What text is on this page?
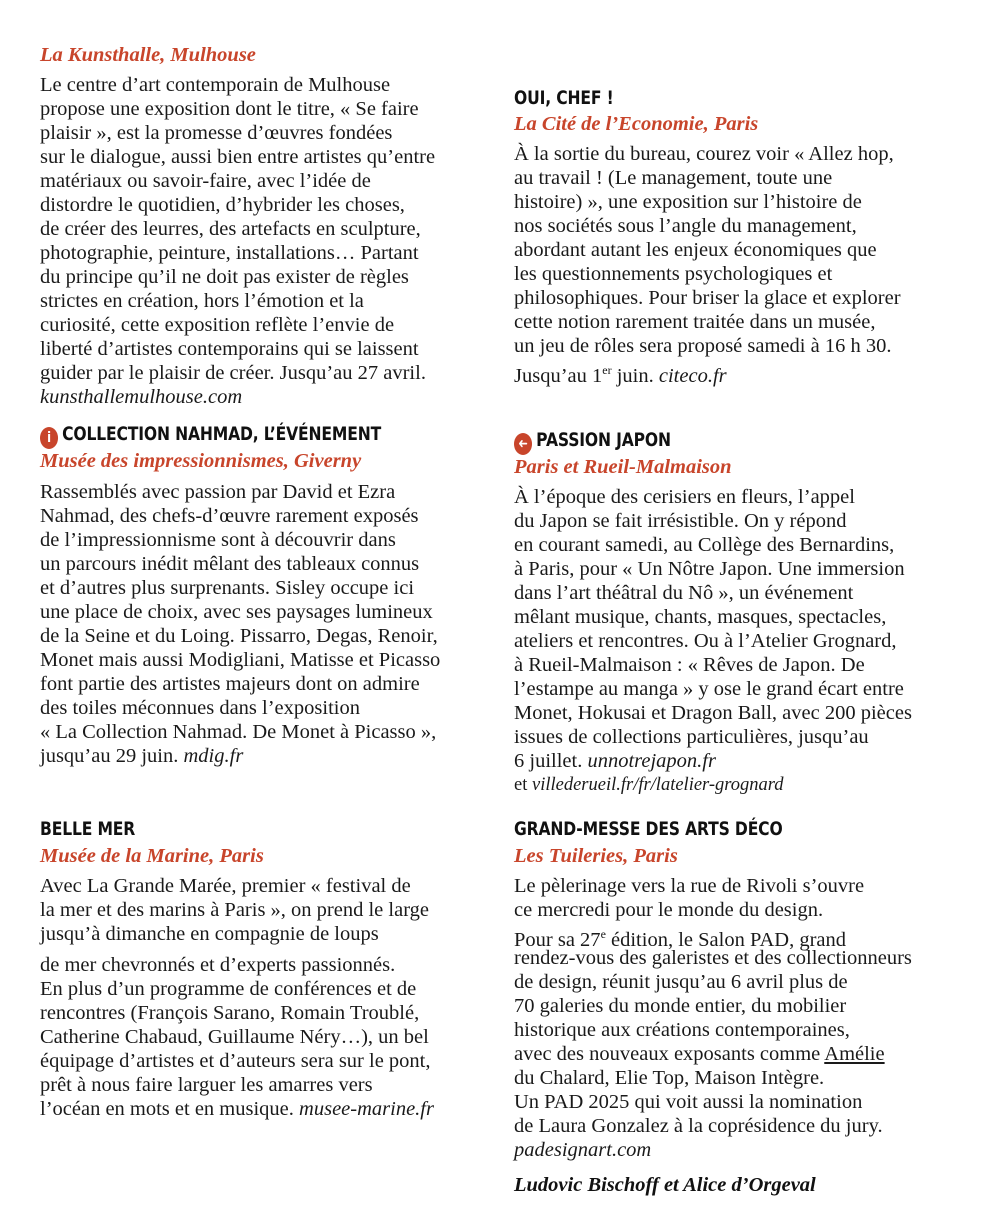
La Kunsthalle, Mulhouse
Le centre d’art contemporain de Mulhouse
propose une exposition dont le titre, « Se faire
plaisir », est la promesse d’œuvres fondées
sur le dialogue, aussi bien entre artistes qu’entre
matériaux ou savoir-faire, avec l’idée de
distordre le quotidien, d’hybrider les choses,
de créer des leurres, des artefacts en sculpture,
photographie, peinture, installations… Partant
du principe qu’il ne doit pas exister de règles
strictes en création, hors l’émotion et la
curiosité, cette exposition reflète l’envie de
liberté d’artistes contemporains qui se laissent
guider par le plaisir de créer. Jusqu’au 27 avril.
kunsthallemulhouse.com
i COLLECTION NAHMAD, L’ÉVÉNEMENT
Musée des impressionnismes, Giverny
Rassemblés avec passion par David et Ezra
Nahmad, des chefs-d’œuvre rarement exposés
de l’impressionnisme sont à découvrir dans
un parcours inédit mêlant des tableaux connus
et d’autres plus surprenants. Sisley occupe ici
une place de choix, avec ses paysages lumineux
de la Seine et du Loing. Pissarro, Degas, Renoir,
Monet mais aussi Modigliani, Matisse et Picasso
font partie des artistes majeurs dont on admire
des toiles méconnues dans l’exposition
« La Collection Nahmad. De Monet à Picasso »,
jusqu’au 29 juin. mdig.fr
BELLE MER
Musée de la Marine, Paris
Avec La Grande Marée, premier « festival de
la mer et des marins à Paris », on prend le large
jusqu’à dimanche en compagnie de loups
de mer chevronnés et d’experts passionnés.
En plus d’un programme de conférences et de
rencontres (François Sarano, Romain Troublé,
Catherine Chabaud, Guillaume Néry…), un bel
équipage d’artistes et d’auteurs sera sur le pont,
prêt à nous faire larguer les amarres vers
l’océan en mots et en musique. musee-marine.fr
OUI, CHEF !
La Cité de l’Economie, Paris
À la sortie du bureau, courez voir « Allez hop,
au travail ! (Le management, toute une
histoire) », une exposition sur l’histoire de
nos sociétés sous l’angle du management,
abordant autant les enjeux économiques que
les questionnements psychologiques et
philosophiques. Pour briser la glace et explorer
cette notion rarement traitée dans un musée,
un jeu de rôles sera proposé samedi à 16 h 30.
Jusqu’au 1er juin. citeco.fr
➜ PASSION JAPON
Paris et Rueil-Malmaison
À l’époque des cerisiers en fleurs, l’appel
du Japon se fait irrésistible. On y répond
en courant samedi, au Collège des Bernardins,
à Paris, pour « Un Nôtre Japon. Une immersion
dans l’art théâtral du Nô », un événement
mêlant musique, chants, masques, spectacles,
ateliers et rencontres. Ou à l’Atelier Grognard,
à Rueil-Malmaison : « Rêves de Japon. De
l’estampe au manga » y ose le grand écart entre
Monet, Hokusai et Dragon Ball, avec 200 pièces
issues de collections particulières, jusqu’au
6 juillet. unnotrejapon.fr
et villederueil.fr/fr/latelier-grognard
GRAND-MESSE DES ARTS DÉCO
Les Tuileries, Paris
Le pèlerinage vers la rue de Rivoli s’ouvre
ce mercredi pour le monde du design.
Pour sa 27e édition, le Salon PAD, grand
rendez-vous des galeristes et des collectionneurs
de design, réunit jusqu’au 6 avril plus de
70 galeries du monde entier, du mobilier
historique aux créations contemporaines,
avec des nouveaux exposants comme Amélie
du Chalard, Elie Top, Maison Intègre.
Un PAD 2025 qui voit aussi la nomination
de Laura Gonzalez à la coprésidence du jury.
padesignart.com
Ludovic Bischoff et Alice d’Orgeval
